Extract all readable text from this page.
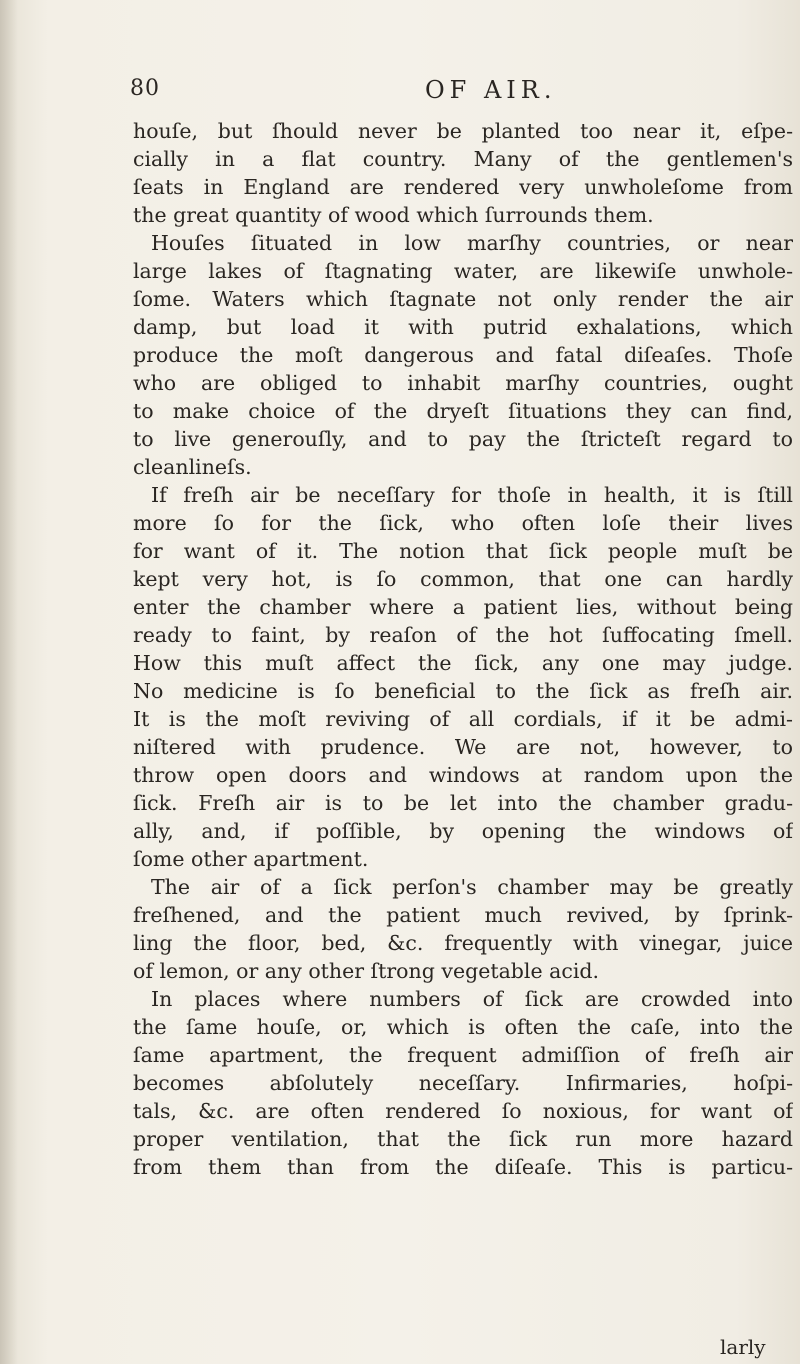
80	OF AIR.
houſe, but ſhould never be planted too near it, eſpe-
cially in a flat country. Many of the gentlemen's
ſeats in England are rendered very unwholeſome from
the great quantity of wood which ſurrounds them.
Houſes ſituated in low marſhy countries, or near
large lakes of ſtagnating water, are likewiſe unwhole-
ſome. Waters which ſtagnate not only render the air
damp, but load it with putrid exhalations, which
produce the moſt dangerous and fatal diſeaſes. Thoſe
who are obliged to inhabit marſhy countries, ought
to make choice of the dryeſt ſituations they can find,
to live generouſly, and to pay the ſtricteſt regard to
cleanlineſs.
If freſh air be neceſſary for thoſe in health, it is ſtill
more ſo for the ſick, who often loſe their lives
for want of it. The notion that ſick people muſt be
kept very hot, is ſo common, that one can hardly
enter the chamber where a patient lies, without being
ready to faint, by reaſon of the hot ſuffocating ſmell.
How this muſt affect the ſick, any one may judge.
No medicine is ſo beneficial to the ſick as freſh air.
It is the moſt reviving of all cordials, if it be admi-
niſtered with prudence. We are not, however, to
throw open doors and windows at random upon the
ſick. Freſh air is to be let into the chamber gradu-
ally, and, if poſſible, by opening the windows of
ſome other apartment.
The air of a ſick perſon's chamber may be greatly
freſhened, and the patient much revived, by ſprink-
ling the floor, bed, &c. frequently with vinegar, juice
of lemon, or any other ſtrong vegetable acid.
In places where numbers of ſick are crowded into
the ſame houſe, or, which is often the caſe, into the
ſame apartment, the frequent admiſſion of freſh air
becomes abſolutely neceſſary. Infirmaries, hoſpi-
tals, &c. are often rendered ſo noxious, for want of
proper ventilation, that the ſick run more hazard
from them than from the diſeaſe. This is particu-
larly
